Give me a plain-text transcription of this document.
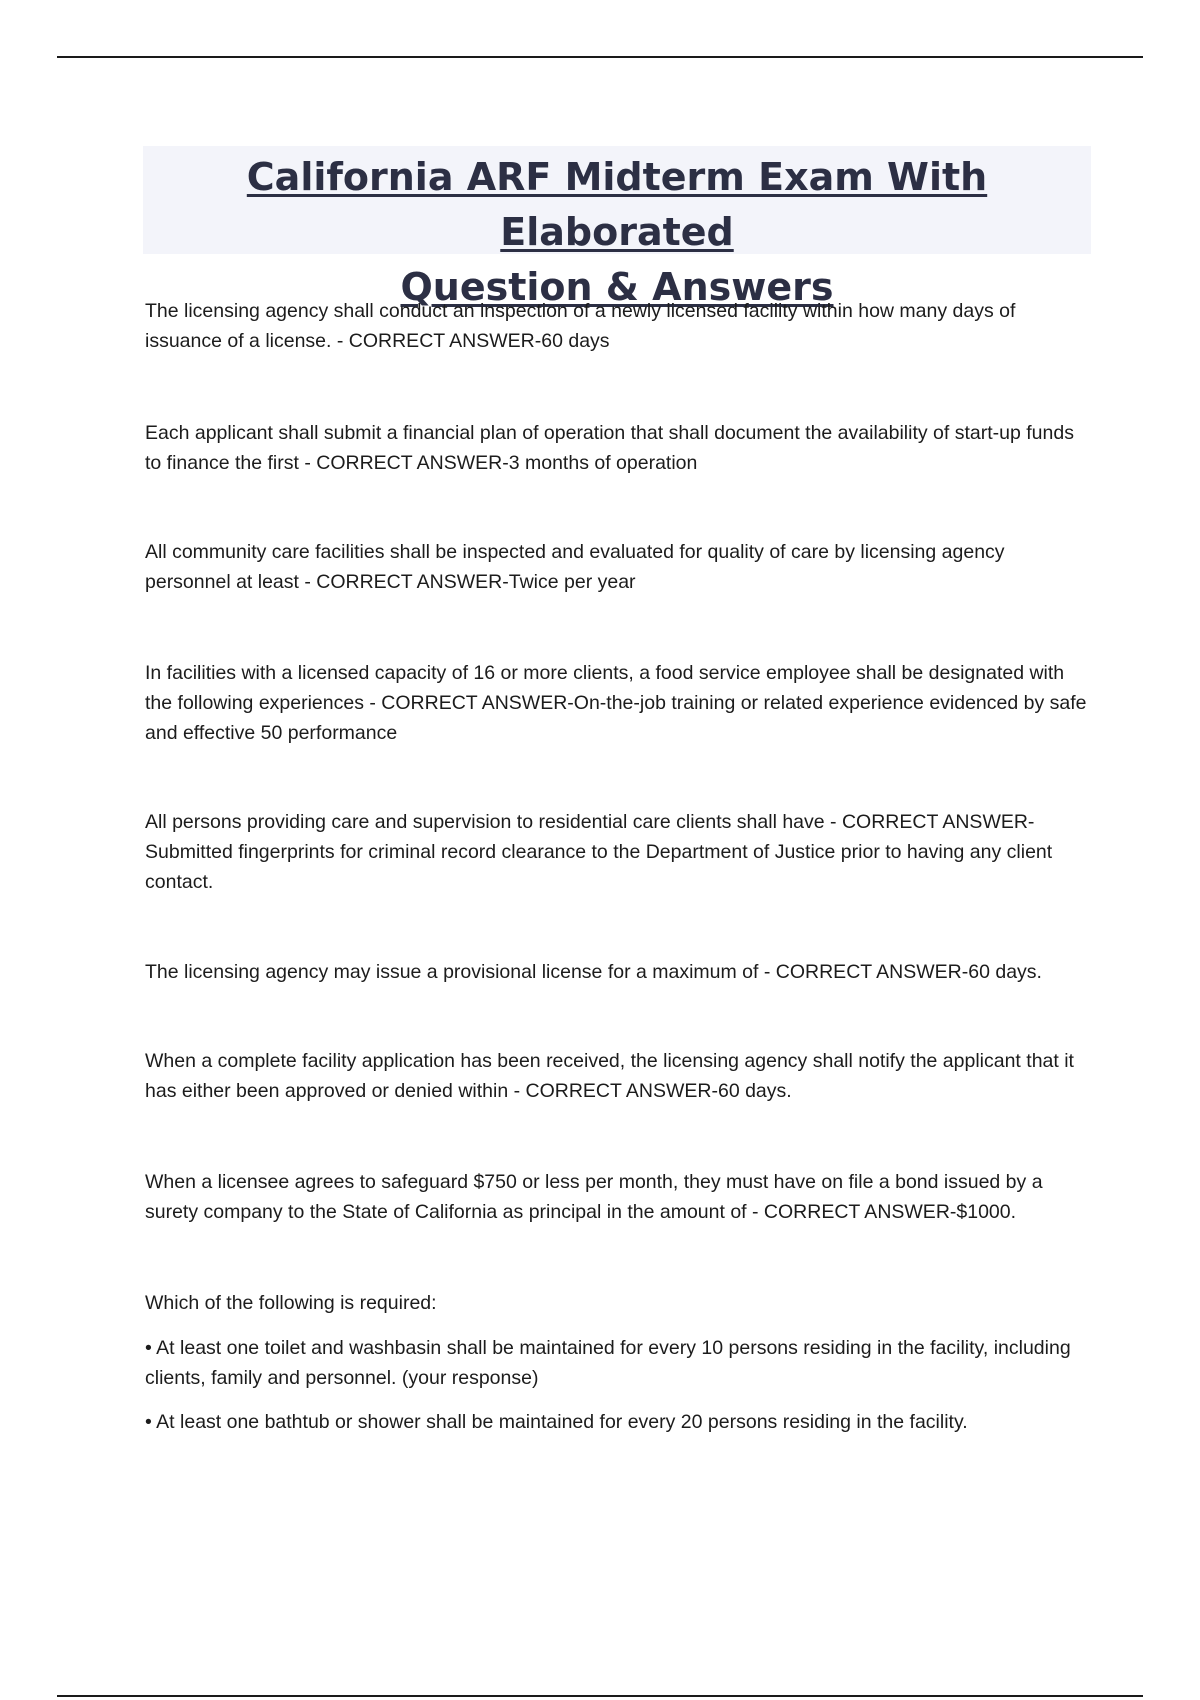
California ARF Midterm Exam With Elaborated
Question & Answers

The licensing agency shall conduct an inspection of a newly licensed facility within how many days of issuance of a license. - CORRECT ANSWER-60 days

Each applicant shall submit a financial plan of operation that shall document the availability of start-up funds to finance the first - CORRECT ANSWER-3 months of operation

All community care facilities shall be inspected and evaluated for quality of care by licensing agency personnel at least - CORRECT ANSWER-Twice per year

In facilities with a licensed capacity of 16 or more clients, a food service employee shall be designated with the following experiences - CORRECT ANSWER-On-the-job training or related experience evidenced by safe and effective 50 performance

All persons providing care and supervision to residential care clients shall have - CORRECT ANSWER-Submitted fingerprints for criminal record clearance to the Department of Justice prior to having any client contact.

The licensing agency may issue a provisional license for a maximum of - CORRECT ANSWER-60 days.

When a complete facility application has been received, the licensing agency shall notify the applicant that it has either been approved or denied within - CORRECT ANSWER-60 days.

When a licensee agrees to safeguard $750 or less per month, they must have on file a bond issued by a surety company to the State of California as principal in the amount of - CORRECT ANSWER-$1000.

Which of the following is required:

• At least one toilet and washbasin shall be maintained for every 10 persons residing in the facility, including clients, family and personnel. (your response)

• At least one bathtub or shower shall be maintained for every 20 persons residing in the facility.
